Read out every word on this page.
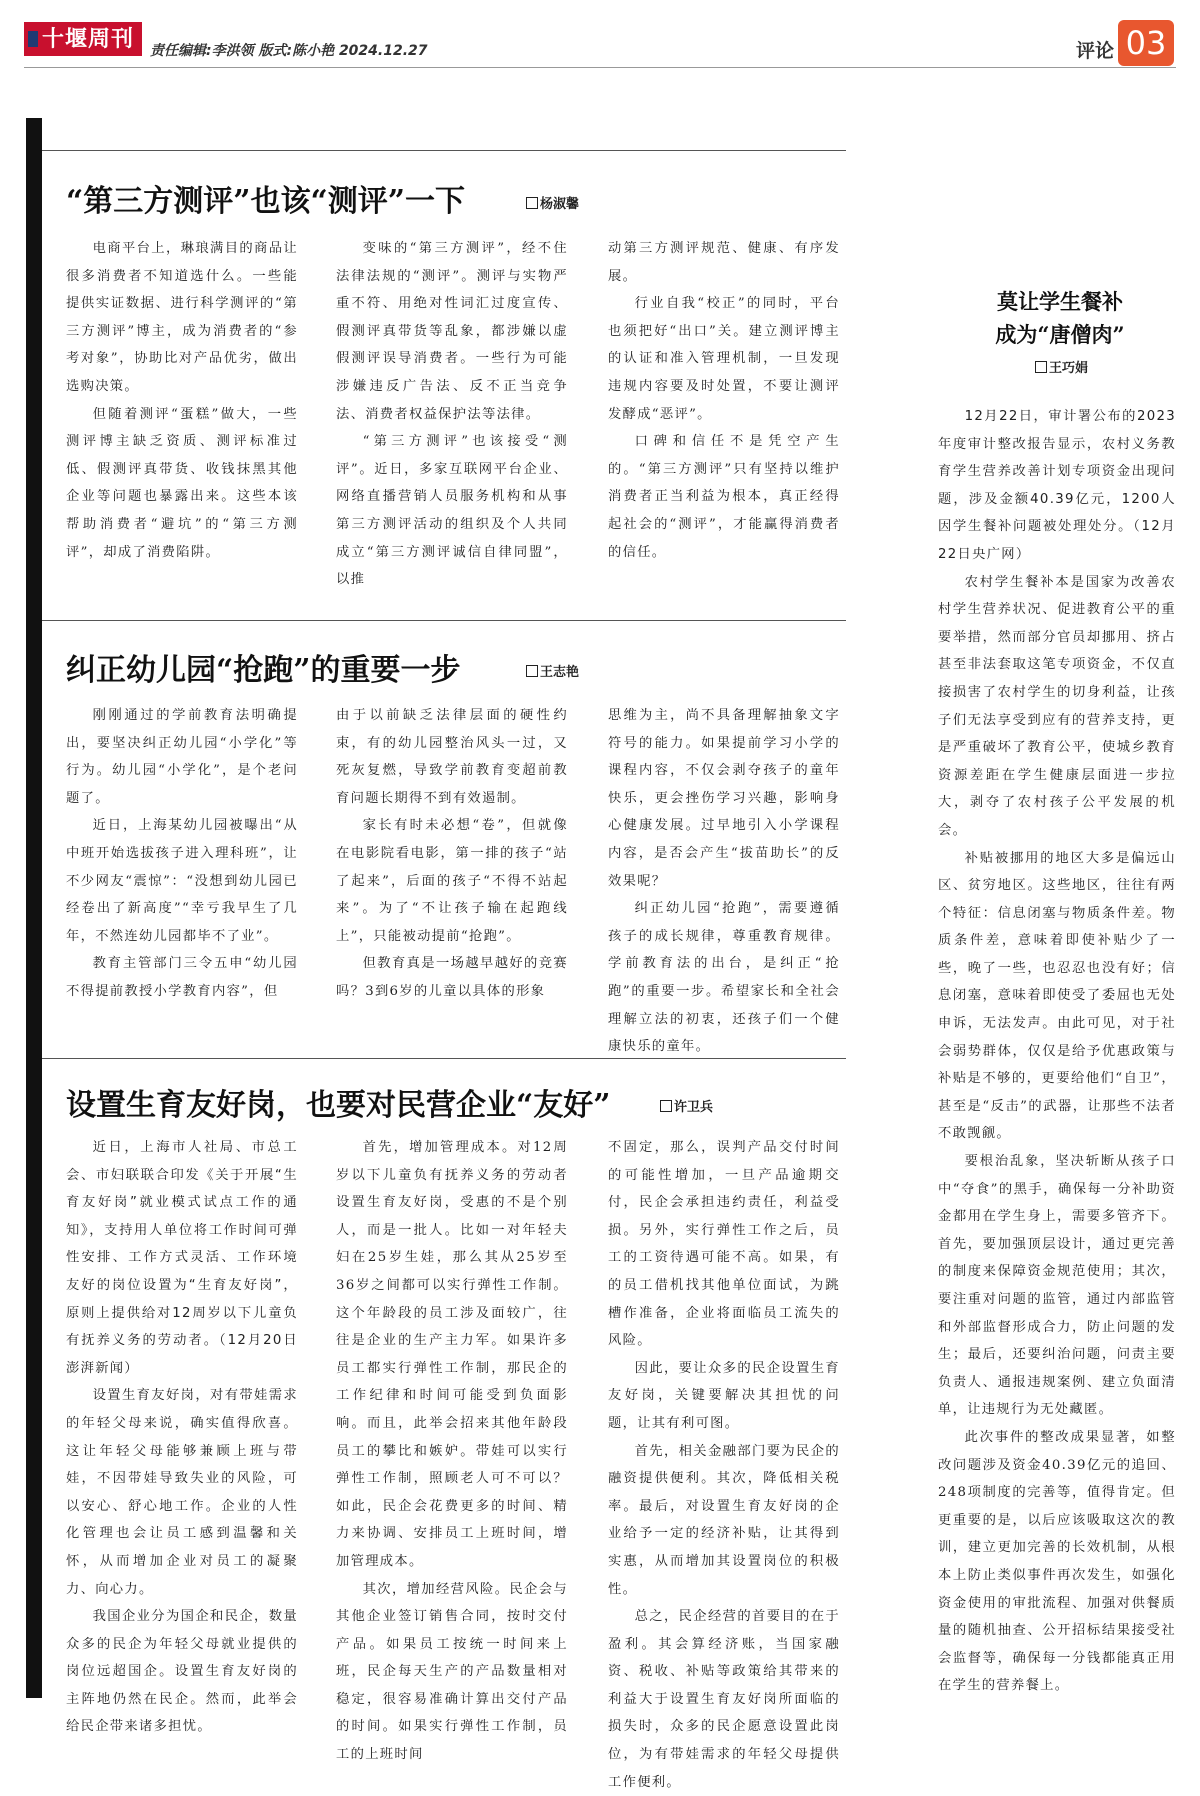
十堰周刊	责任编辑:李洪领 版式:陈小艳 2024.12.27	评论 03
“第三方测评”也该“测评”一下	杨淑馨

电商平台上，琳琅满目的商品让很多消费者不知道选什么。一些能提供实证数据、进行科学测评的“第三方测评”博主，成为消费者的“参考对象”，协助比对产品优劣，做出选购决策。

但随着测评“蛋糕”做大，一些测评博主缺乏资质、测评标准过低、假测评真带货、收钱抹黑其他企业等问题也暴露出来。这些本该帮助消费者“避坑”的“第三方测评”，却成了消费陷阱。

变味的“第三方测评”，经不住法律法规的“测评”。测评与实物严重不符、用绝对性词汇过度宣传、假测评真带货等乱象，都涉嫌以虚假测评误导消费者。一些行为可能涉嫌违反广告法、反不正当竞争法、消费者权益保护法等法律。

“第三方测评”也该接受“测评”。近日，多家互联网平台企业、网络直播营销人员服务机构和从事第三方测评活动的组织及个人共同成立“第三方测评诚信自律同盟”，以推

动第三方测评规范、健康、有序发展。

行业自我“校正”的同时，平台也须把好“出口”关。建立测评博主的认证和准入管理机制，一旦发现违规内容要及时处置，不要让测评发酵成“恶评”。

口碑和信任不是凭空产生的。“第三方测评”只有坚持以维护消费者正当利益为根本，真正经得起社会的“测评”，才能赢得消费者的信任。

纠正幼儿园“抢跑”的重要一步	王志艳

刚刚通过的学前教育法明确提出，要坚决纠正幼儿园“小学化”等行为。幼儿园“小学化”，是个老问题了。

近日，上海某幼儿园被曝出“从中班开始选拔孩子进入理科班”，让不少网友“震惊”：“没想到幼儿园已经卷出了新高度”“幸亏我早生了几年，不然连幼儿园都毕不了业”。

教育主管部门三令五申“幼儿园不得提前教授小学教育内容”，但

由于以前缺乏法律层面的硬性约束，有的幼儿园整治风头一过，又死灰复燃，导致学前教育变超前教育问题长期得不到有效遏制。

家长有时未必想“卷”，但就像在电影院看电影，第一排的孩子“站了起来”，后面的孩子“不得不站起来”。为了“不让孩子输在起跑线上”，只能被动提前“抢跑”。

但教育真是一场越早越好的竞赛吗？3到6岁的儿童以具体的形象

思维为主，尚不具备理解抽象文字符号的能力。如果提前学习小学的课程内容，不仅会剥夺孩子的童年快乐，更会挫伤学习兴趣，影响身心健康发展。过早地引入小学课程内容，是否会产生“拔苗助长”的反效果呢？

纠正幼儿园“抢跑”，需要遵循孩子的成长规律，尊重教育规律。学前教育法的出台，是纠正“抢跑”的重要一步。希望家长和全社会理解立法的初衷，还孩子们一个健康快乐的童年。

设置生育友好岗，也要对民营企业“友好”	许卫兵

近日，上海市人社局、市总工会、市妇联联合印发《关于开展“生育友好岗”就业模式试点工作的通知》，支持用人单位将工作时间可弹性安排、工作方式灵活、工作环境友好的岗位设置为“生育友好岗”，原则上提供给对12周岁以下儿童负有抚养义务的劳动者。（12月20日澎湃新闻）

设置生育友好岗，对有带娃需求的年轻父母来说，确实值得欣喜。这让年轻父母能够兼顾上班与带娃，不因带娃导致失业的风险，可以安心、舒心地工作。企业的人性化管理也会让员工感到温馨和关怀，从而增加企业对员工的凝聚力、向心力。

我国企业分为国企和民企，数量众多的民企为年轻父母就业提供的岗位远超国企。设置生育友好岗的主阵地仍然在民企。然而，此举会给民企带来诸多担忧。

首先，增加管理成本。对12周岁以下儿童负有抚养义务的劳动者设置生育友好岗，受惠的不是个别人，而是一批人。比如一对年轻夫妇在25岁生娃，那么其从25岁至36岁之间都可以实行弹性工作制。这个年龄段的员工涉及面较广，往往是企业的生产主力军。如果许多员工都实行弹性工作制，那民企的工作纪律和时间可能受到负面影响。而且，此举会招来其他年龄段员工的攀比和嫉妒。带娃可以实行弹性工作制，照顾老人可不可以？如此，民企会花费更多的时间、精力来协调、安排员工上班时间，增加管理成本。

其次，增加经营风险。民企会与其他企业签订销售合同，按时交付产品。如果员工按统一时间来上班，民企每天生产的产品数量相对稳定，很容易准确计算出交付产品的时间。如果实行弹性工作制，员工的上班时间

不固定，那么，误判产品交付时间的可能性增加，一旦产品逾期交付，民企会承担违约责任，利益受损。另外，实行弹性工作之后，员工的工资待遇可能不高。如果，有的员工借机找其他单位面试，为跳槽作准备，企业将面临员工流失的风险。

因此，要让众多的民企设置生育友好岗，关键要解决其担忧的问题，让其有利可图。

首先，相关金融部门要为民企的融资提供便利。其次，降低相关税率。最后，对设置生育友好岗的企业给予一定的经济补贴，让其得到实惠，从而增加其设置岗位的积极性。

总之，民企经营的首要目的在于盈利。其会算经济账，当国家融资、税收、补贴等政策给其带来的利益大于设置生育友好岗所面临的损失时，众多的民企愿意设置此岗位，为有带娃需求的年轻父母提供工作便利。

莫让学生餐补
成为“唐僧肉”
王巧娟

12月22日，审计署公布的2023年度审计整改报告显示，农村义务教育学生营养改善计划专项资金出现问题，涉及金额40.39亿元，1200人因学生餐补问题被处理处分。（12月22日央广网）

农村学生餐补本是国家为改善农村学生营养状况、促进教育公平的重要举措，然而部分官员却挪用、挤占甚至非法套取这笔专项资金，不仅直接损害了农村学生的切身利益，让孩子们无法享受到应有的营养支持，更是严重破坏了教育公平，使城乡教育资源差距在学生健康层面进一步拉大，剥夺了农村孩子公平发展的机会。

补贴被挪用的地区大多是偏远山区、贫穷地区。这些地区，往往有两个特征：信息闭塞与物质条件差。物质条件差，意味着即使补贴少了一些，晚了一些，也忍忍也没有好；信息闭塞，意味着即使受了委屈也无处申诉，无法发声。由此可见，对于社会弱势群体，仅仅是给予优惠政策与补贴是不够的，更要给他们“自卫”，甚至是“反击”的武器，让那些不法者不敢觊觎。

要根治乱象，坚决斩断从孩子口中“夺食”的黑手，确保每一分补助资金都用在学生身上，需要多管齐下。首先，要加强顶层设计，通过更完善的制度来保障资金规范使用；其次，要注重对问题的监管，通过内部监管和外部监督形成合力，防止问题的发生；最后，还要纠治问题，问责主要负责人、通报违规案例、建立负面清单，让违规行为无处藏匿。

此次事件的整改成果显著，如整改问题涉及资金40.39亿元的追回、248项制度的完善等，值得肯定。但更重要的是，以后应该吸取这次的教训，建立更加完善的长效机制，从根本上防止类似事件再次发生，如强化资金使用的审批流程、加强对供餐质量的随机抽查、公开招标结果接受社会监督等，确保每一分钱都能真正用在学生的营养餐上。
